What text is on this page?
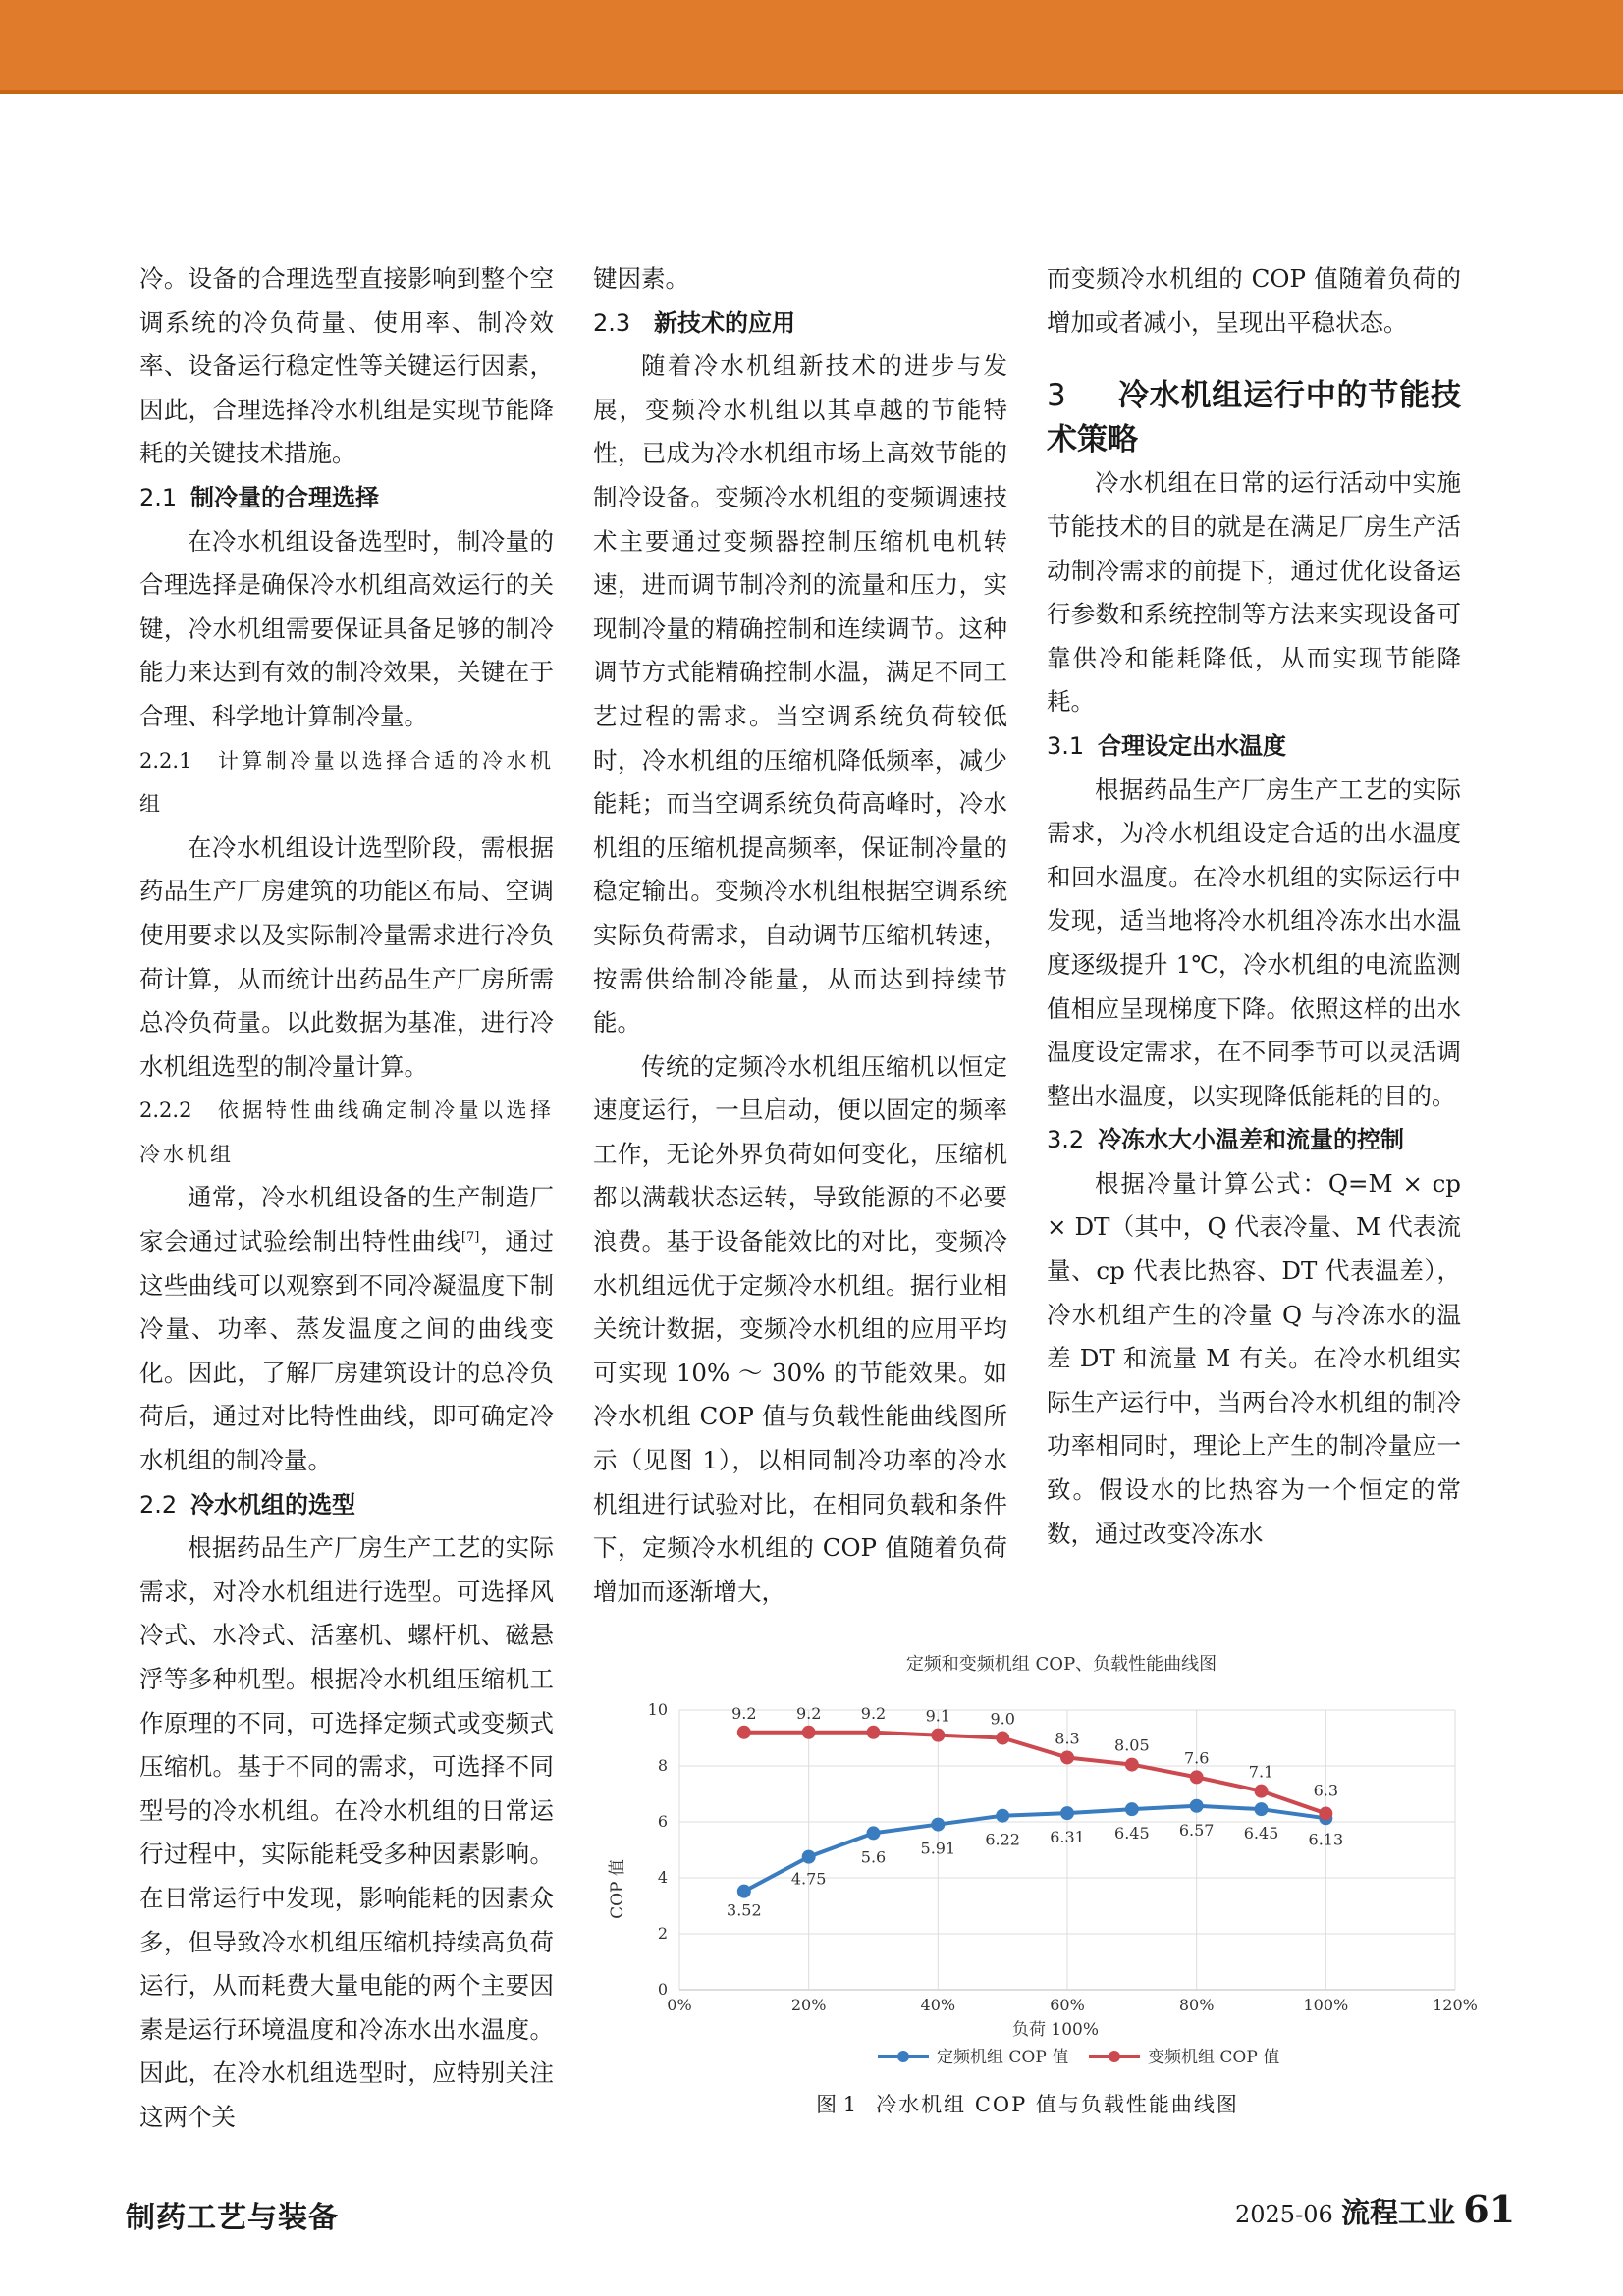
冷。设备的合理选型直接影响到整个空调系统的冷负荷量、使用率、制冷效率、设备运行稳定性等关键运行因素，因此，合理选择冷水机组是实现节能降耗的关键技术措施。

2.1 制冷量的合理选择

在冷水机组设备选型时，制冷量的合理选择是确保冷水机组高效运行的关键，冷水机组需要保证具备足够的制冷能力来达到有效的制冷效果，关键在于合理、科学地计算制冷量。

2.2.1 计算制冷量以选择合适的冷水机组

在冷水机组设计选型阶段，需根据药品生产厂房建筑的功能区布局、空调使用要求以及实际制冷量需求进行冷负荷计算，从而统计出药品生产厂房所需总冷负荷量。以此数据为基准，进行冷水机组选型的制冷量计算。

2.2.2 依据特性曲线确定制冷量以选择冷水机组

通常，冷水机组设备的生产制造厂家会通过试验绘制出特性曲线[7]，通过这些曲线可以观察到不同冷凝温度下制冷量、功率、蒸发温度之间的曲线变化。因此，了解厂房建筑设计的总冷负荷后，通过对比特性曲线，即可确定冷水机组的制冷量。

2.2 冷水机组的选型

根据药品生产厂房生产工艺的实际需求，对冷水机组进行选型。可选择风冷式、水冷式、活塞机、螺杆机、磁悬浮等多种机型。根据冷水机组压缩机工作原理的不同，可选择定频式或变频式压缩机。基于不同的需求，可选择不同型号的冷水机组。在冷水机组的日常运行过程中，实际能耗受多种因素影响。在日常运行中发现，影响能耗的因素众多，但导致冷水机组压缩机持续高负荷运行，从而耗费大量电能的两个主要因素是运行环境温度和冷冻水出水温度。因此，在冷水机组选型时，应特别关注这两个关

键因素。

2.3 新技术的应用

随着冷水机组新技术的进步与发展，变频冷水机组以其卓越的节能特性，已成为冷水机组市场上高效节能的制冷设备。变频冷水机组的变频调速技术主要通过变频器控制压缩机电机转速，进而调节制冷剂的流量和压力，实现制冷量的精确控制和连续调节。这种调节方式能精确控制水温，满足不同工艺过程的需求。当空调系统负荷较低时，冷水机组的压缩机降低频率，减少能耗；而当空调系统负荷高峰时，冷水机组的压缩机提高频率，保证制冷量的稳定输出。变频冷水机组根据空调系统实际负荷需求，自动调节压缩机转速，按需供给制冷能量，从而达到持续节能。

传统的定频冷水机组压缩机以恒定速度运行，一旦启动，便以固定的频率工作，无论外界负荷如何变化，压缩机都以满载状态运转，导致能源的不必要浪费。基于设备能效比的对比，变频冷水机组远优于定频冷水机组。据行业相关统计数据，变频冷水机组的应用平均可实现 10% ～ 30% 的节能效果。如冷水机组 COP 值与负载性能曲线图所示（见图 1），以相同制冷功率的冷水机组进行试验对比，在相同负载和条件下，定频冷水机组的 COP 值随着负荷增加而逐渐增大，

而变频冷水机组的 COP 值随着负荷的增加或者减小，呈现出平稳状态。

3 冷水机组运行中的节能技术策略

冷水机组在日常的运行活动中实施节能技术的目的就是在满足厂房生产活动制冷需求的前提下，通过优化设备运行参数和系统控制等方法来实现设备可靠供冷和能耗降低，从而实现节能降耗。

3.1 合理设定出水温度

根据药品生产厂房生产工艺的实际需求，为冷水机组设定合适的出水温度和回水温度。在冷水机组的实际运行中发现，适当地将冷水机组冷冻水出水温度逐级提升 1℃，冷水机组的电流监测值相应呈现梯度下降。依照这样的出水温度设定需求，在不同季节可以灵活调整出水温度，以实现降低能耗的目的。

3.2 冷冻水大小温差和流量的控制

根据冷量计算公式：Q=M × cp × DT（其中，Q 代表冷量、M 代表流量、cp 代表比热容、DT 代表温差），冷水机组产生的冷量 Q 与冷冻水的温差 DT 和流量 M 有关。在冷水机组实际生产运行中，当两台冷水机组的制冷功率相同时，理论上产生的制冷量应一致。假设水的比热容为一个恒定的常数，通过改变冷冻水

定频和变频机组 COP、负载性能曲线图
0
2
4
6
8
10
0%	20%	40%	60%	80%	100%	120%
负荷 100%
COP 值	3.52
4.75
5.6 5.91 6.22 6.31 6.45 6.57 6.45 6.13
9.2	9.2	9.2	9.1	9.0
8.3 8.05
7.6
7.1
6.3
定频机组 COP 值	变频机组 COP 值
图 1 冷水机组 COP 值与负载性能曲线图
制药工艺与装备	2025-06 流程工业 61
